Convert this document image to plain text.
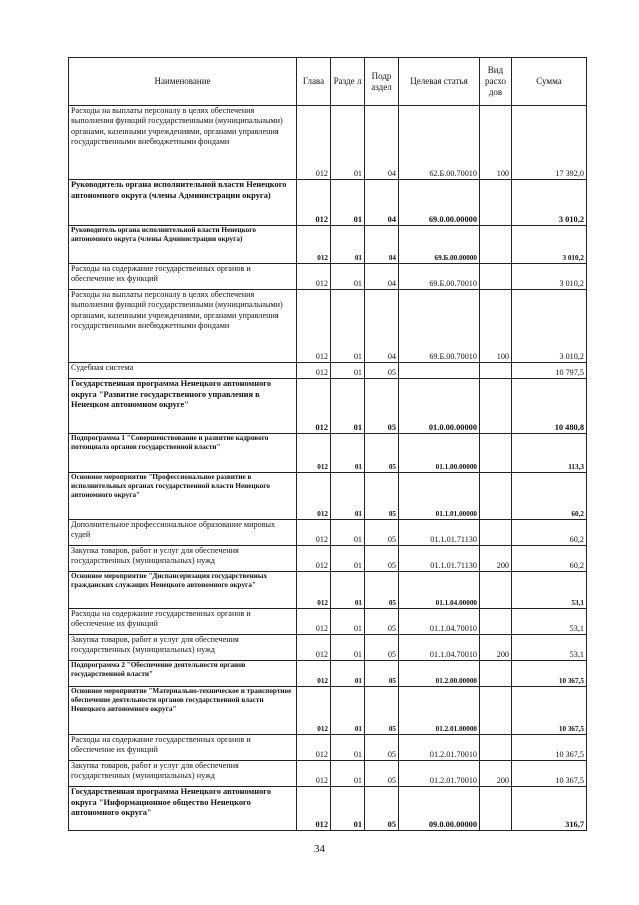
Наименование	Глава	Разде л	Подр аздел	Целевая статья	Вид расхо дов	Сумма
Расходы на выплаты персоналу в целях обеспечения выполнения функций государственными (муниципальными) органами, казенными учреждениями, органами управления государственными внебюджетными фондами	012	01	04	62.Б.00.70010	100	17 392,0
Руководитель органа исполнительной власти Ненецкого автономного округа (члены Администрации округа)	012	01	04	69.0.00.00000		3 010,2
Руководитель органа исполнительной власти Ненецкого автономного округа (члены Администрации округа)	012	01	04	69.Б.00.00000		3 010,2
Расходы на содержание государственных органов и обеспечение их функций	012	01	04	69.Б.00.70010		3 010,2
Расходы на выплаты персоналу в целях обеспечения выполнения функций государственными (муниципальными) органами, казенными учреждениями, органами управления государственными внебюджетными фондами	012	01	04	69.Б.00.70010	100	3 010,2
Судебная система	012	01	05			10 797,5
Государственная программа Ненецкого автономного округа "Развитие государственного управления в Ненецком автономном округе"	012	01	05	01.0.00.00000		10 480,8
Подпрограмма 1 "Совершенствование и развитие кадрового потенциала органов государственной власти"	012	01	05	01.1.00.00000		113,3
Основное мероприятие "Профессиональное развитие в исполнительных органах государственной власти Ненецкого автономного округа"	012	01	05	01.1.01.00000		60,2
Дополнительное профессиональное образование мировых судей	012	01	05	01.1.01.71130		60,2
Закупка товаров, работ и услуг для обеспечения государственных (муниципальных) нужд	012	01	05	01.1.01.71130	200	60,2
Основное мероприятие "Диспансеризация государственных гражданских служащих Ненецкого автономного округа"	012	01	05	01.1.04.00000		53,1
Расходы на содержание государственных органов и обеспечение их функций	012	01	05	01.1.04.70010		53,1
Закупка товаров, работ и услуг для обеспечения государственных (муниципальных) нужд	012	01	05	01.1.04.70010	200	53,1
Подпрограмма 2 "Обеспечение деятельности органов государственной власти"	012	01	05	01.2.00.00000		10 367,5
Основное мероприятие "Материально-техническое и транспортное обеспечение деятельности органов государственной власти Ненецкого автономного округа"	012	01	05	01.2.01.00000		10 367,5
Расходы на содержание государственных органов и обеспечение их функций	012	01	05	01.2.01.70010		10 367,5
Закупка товаров, работ и услуг для обеспечения государственных (муниципальных) нужд	012	01	05	01.2.01.70010	200	10 367,5
Государственная программа Ненецкого автономного округа "Информационное общество Ненецкого автономного округа"	012	01	05	09.0.00.00000		316,7
34
